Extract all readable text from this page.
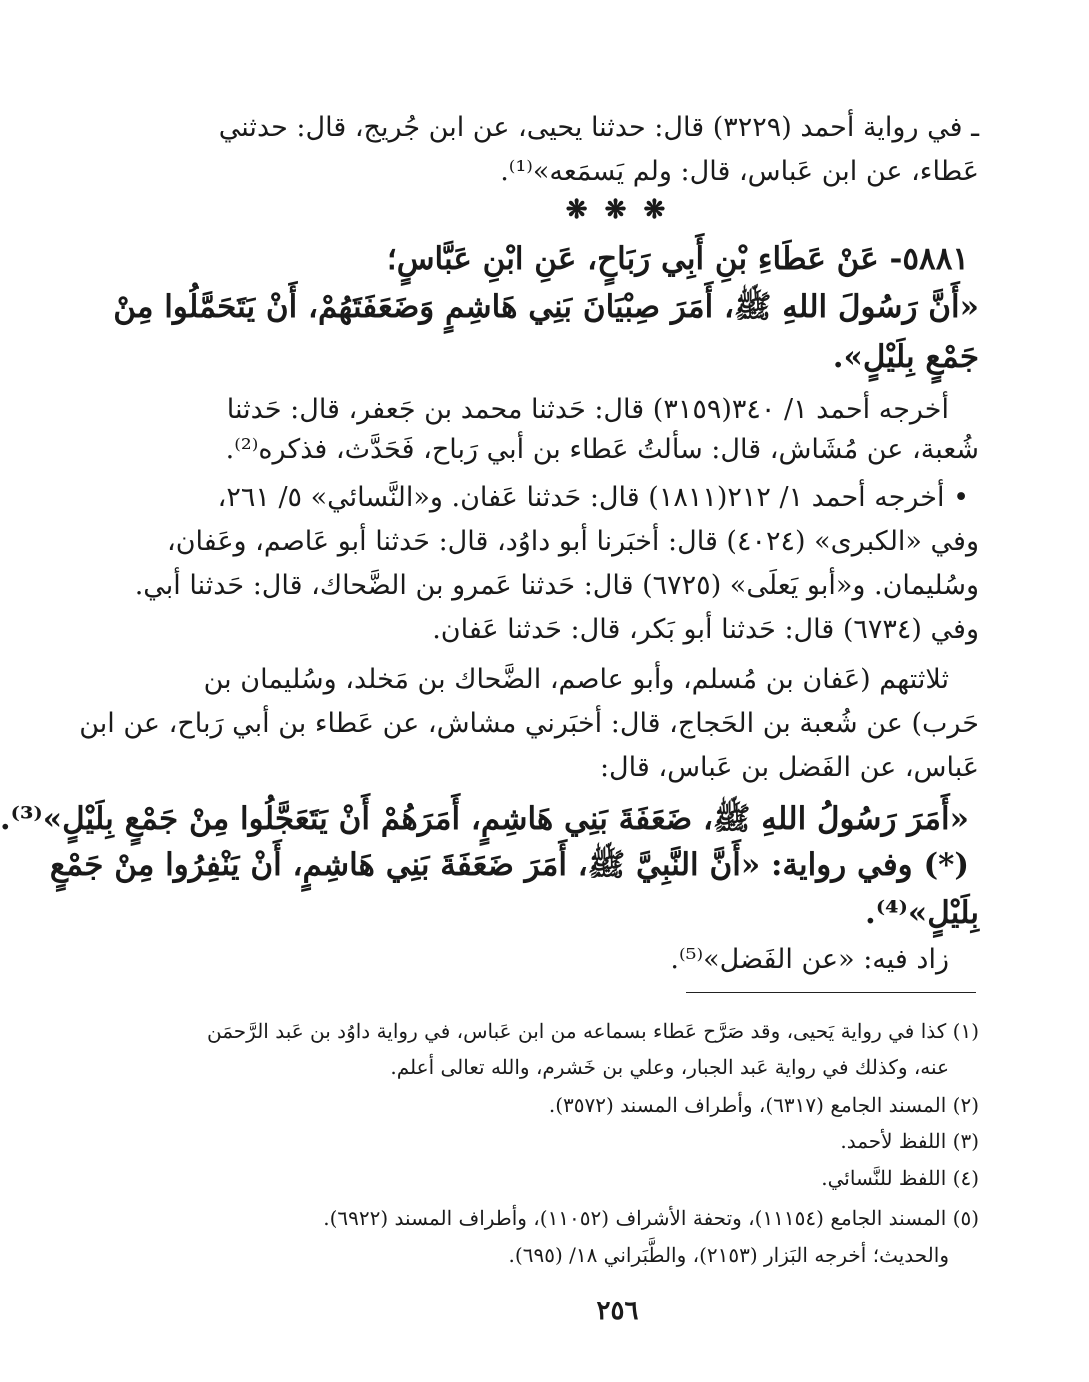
ـ في رواية أحمد (٣٢٢٩) قال: حدثنا يحيى، عن ابن جُريج، قال: حدثني
عَطاء، عن ابن عَباس، قال: ولم يَسمَعه»⁽¹⁾.
❋ ❋ ❋
٥٨٨١- عَنْ عَطَاءِ بْنِ أَبِي رَبَاحٍ، عَنِ ابْنِ عَبَّاسٍ؛
«أَنَّ رَسُولَ اللهِ ﷺ، أَمَرَ صِبْيَانَ بَنِي هَاشِمٍ وَضَعَفَتَهُمْ، أَنْ يَتَحَمَّلُوا مِنْ
جَمْعٍ بِلَيْلٍ».
أخرجه أحمد ١/ ٣٤٠(٣١٥٩) قال: حَدثنا محمد بن جَعفر، قال: حَدثنا
شُعبة، عن مُشَاش، قال: سألتُ عَطاء بن أبي رَباح، فَحَدَّث، فذكره⁽²⁾.
• أخرجه أحمد ١/ ٢١٢(١٨١١) قال: حَدثنا عَفان. و«النَّسائي» ٥/ ٢٦١،
وفي «الكبرى» (٤٠٢٤) قال: أخبَرنا أبو داوُد، قال: حَدثنا أبو عَاصم، وعَفان،
وسُليمان. و«أبو يَعلَى» (٦٧٢٥) قال: حَدثنا عَمرو بن الضَّحاك، قال: حَدثنا أبي.
وفي (٦٧٣٤) قال: حَدثنا أبو بَكر، قال: حَدثنا عَفان.
ثلاثتهم (عَفان بن مُسلم، وأبو عاصم، الضَّحاك بن مَخلد، وسُليمان بن
حَرب) عن شُعبة بن الحَجاج، قال: أخبَرني مشاش، عن عَطاء بن أبي رَباح، عن ابن
عَباس، عن الفَضل بن عَباس، قال:
«أَمَرَ رَسُولُ اللهِ ﷺ، ضَعَفَةَ بَنِي هَاشِمٍ، أَمَرَهُمْ أَنْ يَتَعَجَّلُوا مِنْ جَمْعٍ بِلَيْلٍ»⁽³⁾.
(*) وفي رواية: «أَنَّ النَّبِيَّ ﷺ، أَمَرَ ضَعَفَةَ بَنِي هَاشِمٍ، أَنْ يَنْفِرُوا مِنْ جَمْعٍ
بِلَيْلٍ»⁽⁴⁾.
زاد فيه: «عن الفَضل»⁽⁵⁾.
(١) كذا في رواية يَحيى، وقد صَرَّح عَطاء بسماعه من ابن عَباس، في رواية داوُد بن عَبد الرَّحمَن
عنه، وكذلك في رواية عَبد الجبار، وعلي بن خَشرم، والله تعالى أعلم.
(٢) المسند الجامع (٦٣١٧)، وأطراف المسند (٣٥٧٢).
(٣) اللفظ لأحمد.
(٤) اللفظ للنَّسائي.
(٥) المسند الجامع (١١١٥٤)، وتحفة الأشراف (١١٠٥٢)، وأطراف المسند (٦٩٢٢).
والحديث؛ أخرجه البَزار (٢١٥٣)، والطَّبَراني ١٨/ (٦٩٥).
٢٥٦
